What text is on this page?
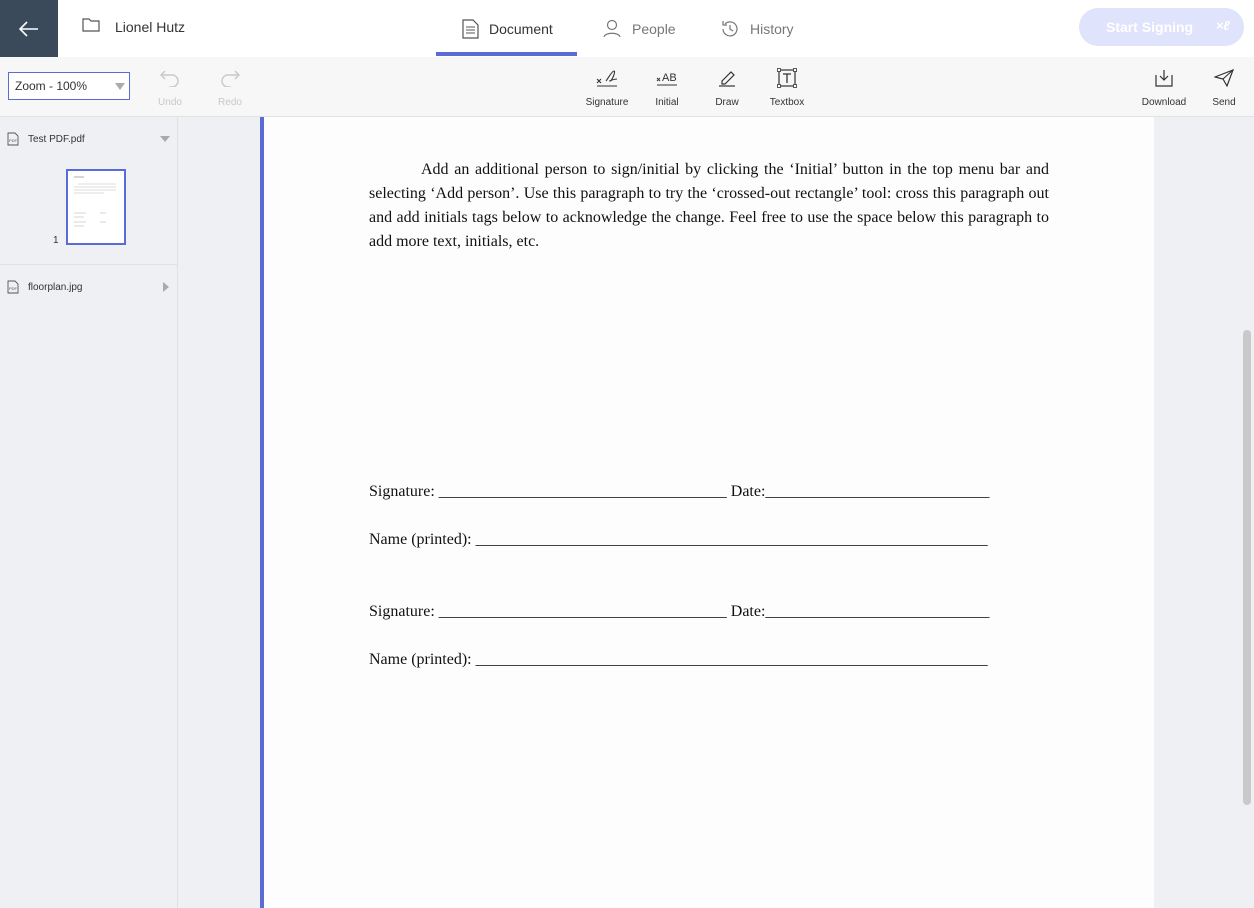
Lionel Hutz	Document	People	History	Start Signing ×ℓ
Zoom - 100%
Undo	Redo	Signature
AB
Initial	Draw	Textbox	Download	Send
PDF Test PDF.pdf
1
PDF floorplan.jpg

Add an additional person to sign/initial by clicking the ‘Initial’ button in the top menu bar and selecting ‘Add person’. Use this paragraph to try the ‘crossed-out rectangle’ tool: cross this paragraph out and add initials tags below to acknowledge the change. Feel free to use the space below this paragraph to add more text, initials, etc.

Signature: ____________________________________ Date:____________________________
Name (printed): ________________________________________________________________
Signature: ____________________________________ Date:____________________________
Name (printed): ________________________________________________________________
